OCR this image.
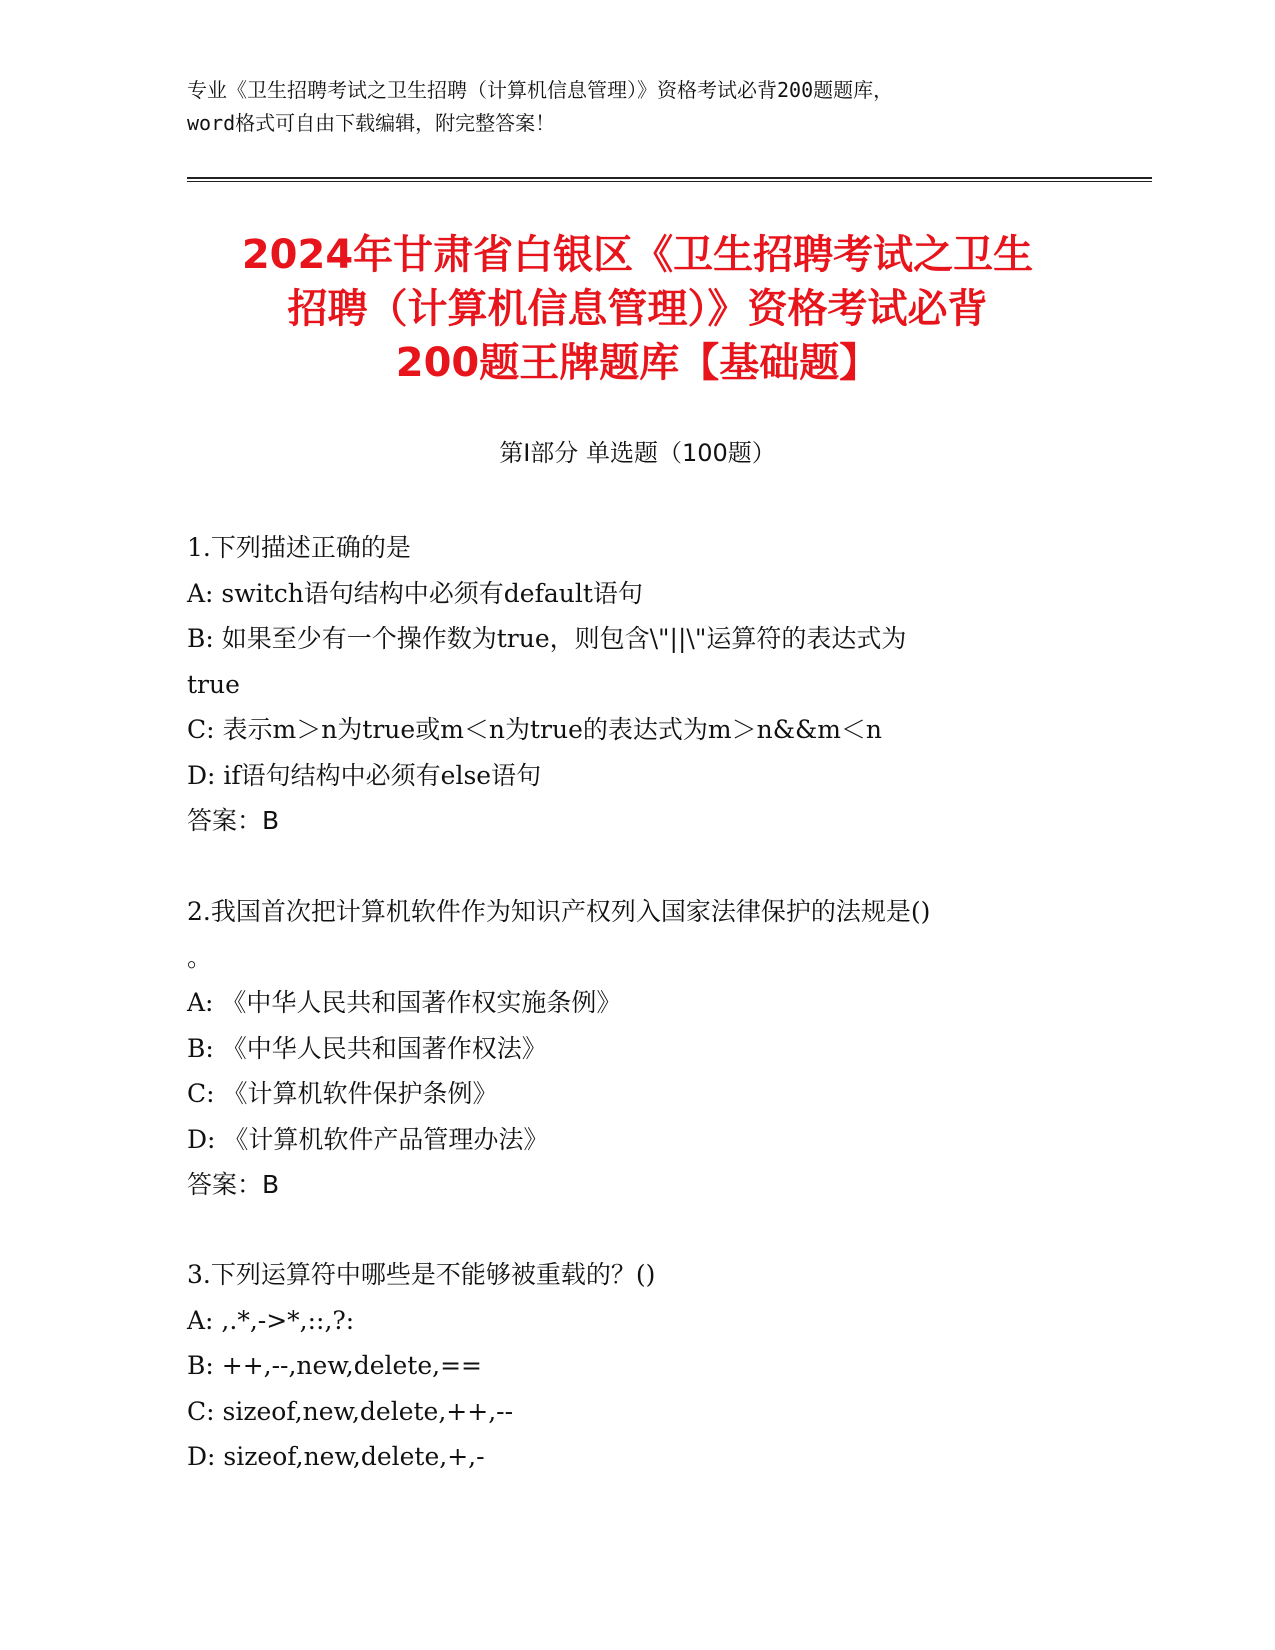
专业《卫生招聘考试之卫生招聘（计算机信息管理）》资格考试必背200题题库，
word格式可自由下载编辑，附完整答案！
2024年甘肃省白银区《卫生招聘考试之卫生
招聘（计算机信息管理）》资格考试必背
200题王牌题库【基础题】
第I部分 单选题（100题）
1.下列描述正确的是
A: switch语句结构中必须有default语句
B: 如果至少有一个操作数为true，则包含\"||\"运算符的表达式为
true
C: 表示m＞n为true或m＜n为true的表达式为m＞n&&m＜n
D: if语句结构中必须有else语句
答案：B
2.我国首次把计算机软件作为知识产权列入国家法律保护的法规是()
。
A: 《中华人民共和国著作权实施条例》
B: 《中华人民共和国著作权法》
C: 《计算机软件保护条例》
D: 《计算机软件产品管理办法》
答案：B
3.下列运算符中哪些是不能够被重载的？()
A: ,.*,->*,::,?:
B: ++,--,new,delete,==
C: sizeof,new,delete,++,--
D: sizeof,new,delete,+,-
